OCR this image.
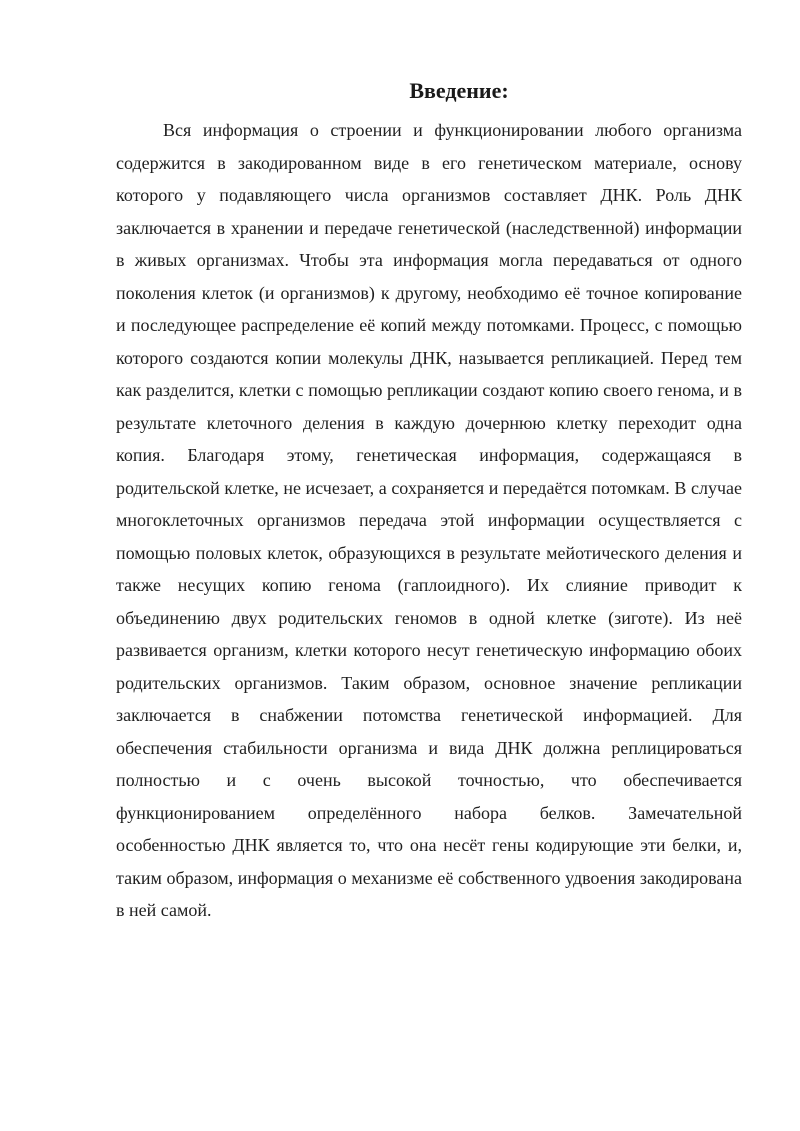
Введение:

Вся информация о строении и функционировании любого организма содержится в закодированном виде в его генетическом материале, основу которого у подавляющего числа организмов составляет ДНК. Роль ДНК заключается в хранении и передаче генетической (наследственной) информации в живых организмах. Чтобы эта информация могла передаваться от одного поколения клеток (и организмов) к другому, необходимо её точное копирование и последующее распределение её копий между потомками. Процесс, с помощью которого создаются копии молекулы ДНК, называется репликацией. Перед тем как разделится, клетки с помощью репликации создают копию своего генома, и в результате клеточного деления в каждую дочернюю клетку переходит одна копия. Благодаря этому, генетическая информация, содержащаяся в родительской клетке, не исчезает, а сохраняется и передаётся потомкам. В случае многоклеточных организмов передача этой информации осуществляется с помощью половых клеток, образующихся в результате мейотического деления и также несущих копию генома (гаплоидного). Их слияние приводит к объединению двух родительских геномов в одной клетке (зиготе). Из неё развивается организм, клетки которого несут генетическую информацию обоих родительских организмов. Таким образом, основное значение репликации заключается в снабжении потомства генетической информацией. Для обеспечения стабильности организма и вида ДНК должна реплицироваться полностью и с очень высокой точностью, что обеспечивается функционированием определённого набора белков. Замечательной особенностью ДНК является то, что она несёт гены кодирующие эти белки, и, таким образом, информация о механизме её собственного удвоения закодирована в ней самой.
